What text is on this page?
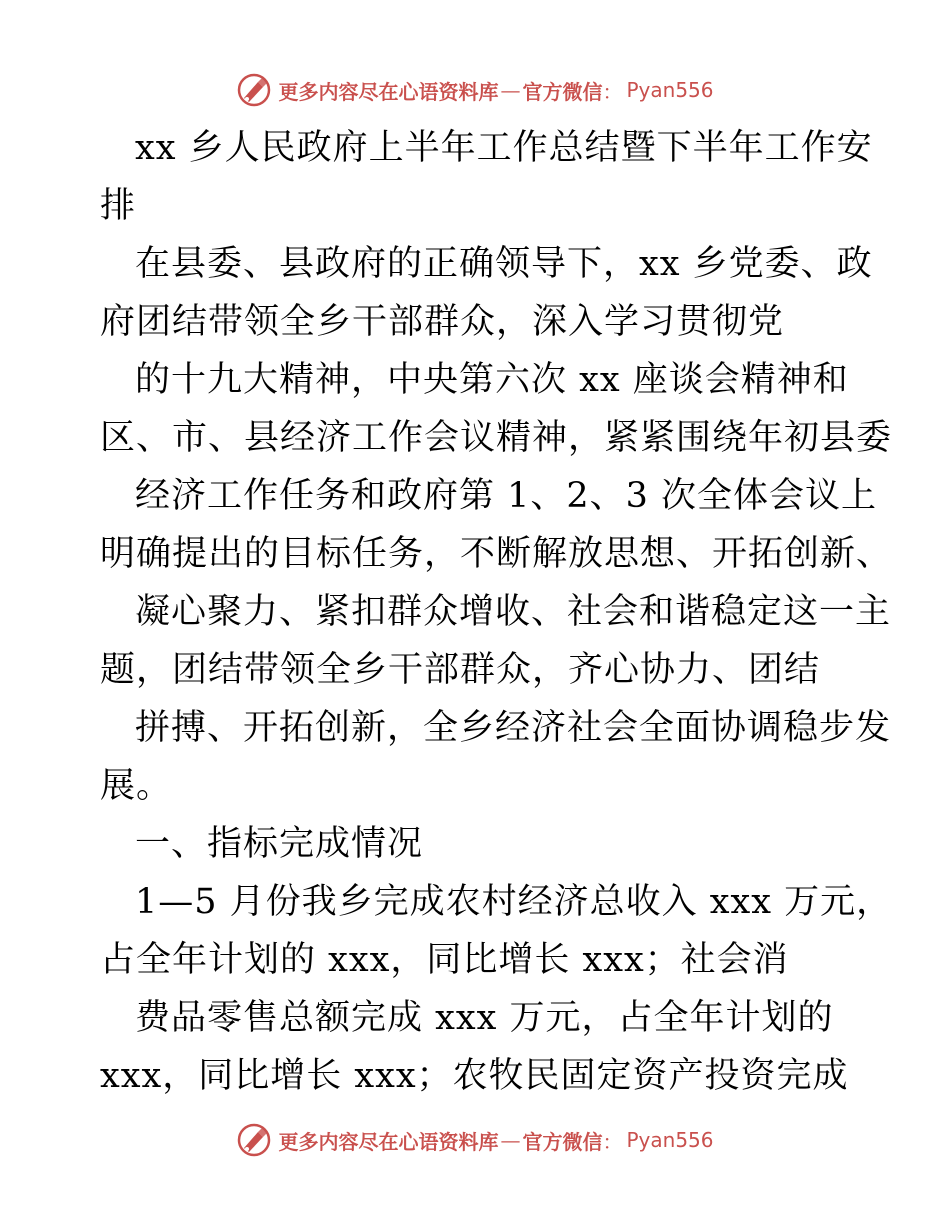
更多内容尽在心语资料库 — 官方微信 ： Pyan556
xx 乡人民政府上半年工作总结暨下半年工作安
排
在县委、县政府的正确领导下，xx 乡党委、政
府团结带领全乡干部群众，深入学习贯彻党
的十九大精神，中央第六次 xx 座谈会精神和
区、市、县经济工作会议精神，紧紧围绕年初县委
经济工作任务和政府第 1、2、3 次全体会议上
明确提出的目标任务，不断解放思想、开拓创新、
凝心聚力、紧扣群众增收、社会和谐稳定这一主
题，团结带领全乡干部群众，齐心协力、团结
拼搏、开拓创新，全乡经济社会全面协调稳步发
展。
一、指标完成情况
1—5 月份我乡完成农村经济总收入 xxx 万元，
占全年计划的 xxx，同比增长 xxx；社会消
费品零售总额完成 xxx 万元，占全年计划的
xxx，同比增长 xxx；农牧民固定资产投资完成
更多内容尽在心语资料库 — 官方微信 ： Pyan556
